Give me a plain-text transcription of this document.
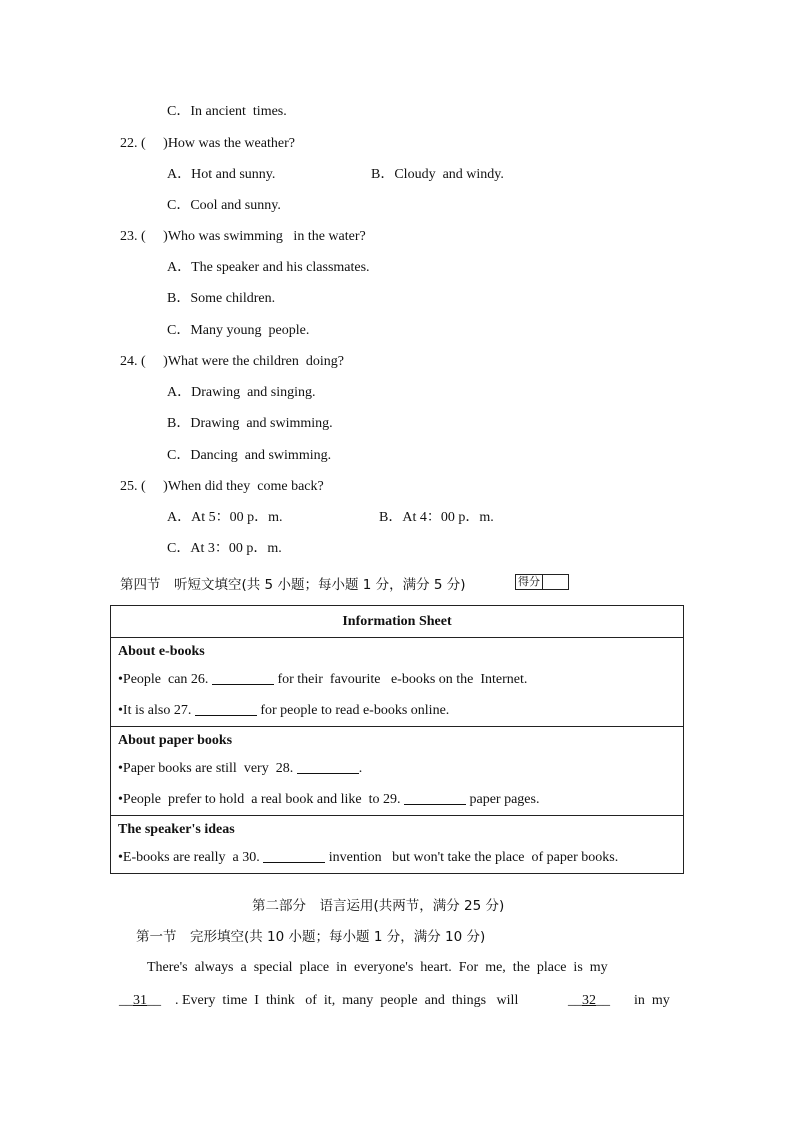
C．In ancient  times.
22. (     )How was the weather?
A．Hot and sunny.	B．Cloudy  and windy.
C．Cool and sunny.
23. (     )Who was swimming   in the water?
A．The speaker and his classmates.
B．Some children.
C．Many young  people.
24. (     )What were the children  doing?
A．Drawing  and singing.
B．Drawing  and swimming.
C．Dancing  and swimming.
25. (     )When did they  come back?
A．At 5：00 p．m.	B．At 4：00 p．m.
C．At 3：00 p．m.
第四节　听短文填空(共 5 小题；每小题 1 分，满分 5 分)	得分
Information Sheet

About e-books
•People  can 26.	for their  favourite   e-books on the  Internet.
•It is also 27.	for people to read e-books online.

About paper books
•Paper books are still  very  28.	.
•People  prefer to hold  a real book and like  to 29.	paper pages.

The speaker's ideas
•E-books are really  a 30.	invention   but won't take the place  of paper books.
第二部分　语言运用(共两节，满分 25 分)
第一节　完形填空(共 10 小题；每小题 1 分，满分 10 分)
There's  always  a  special  place  in  everyone's  heart.  For  me,  the  place  is  my
__31__ . Every  time  I  think   of  it,  many  people  and  things   will	__32__ in  my
